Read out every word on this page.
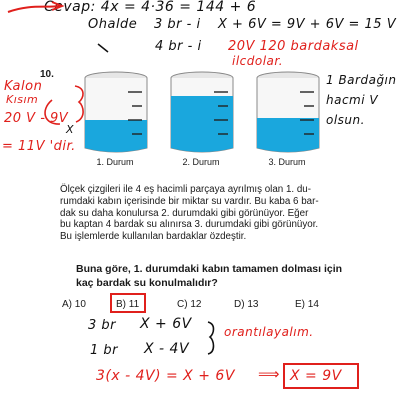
Cevap: 4x = 4·36 = 144 + 6
Ohalde 3 br - i X + 6V = 9V + 6V = 15 V
4 br - i 20V 120 bardaksal
ilcdolar.
10.
Kalon
Kısım
20 V - 9V
X
= 11V 'dir.
1. Durum	2. Durum	3. Durum
1 Bardağın
hacmi V
olsun.
Ölçek çizgileri ile 4 eş hacimli parçaya ayrılmış olan 1. du-
rumdaki kabın içerisinde bir miktar su vardır. Bu kaba 6 bar-
dak su daha konulursa 2. durumdaki gibi görünüyor. Eğer
bu kaptan 4 bardak su alınırsa 3. durumdaki gibi görünüyor.
Bu işlemlerde kullanılan bardaklar özdeştir.
Buna göre, 1. durumdaki kabın tamamen dolması için
kaç bardak su konulmalıdır?
A) 10	B) 11	C) 12	D) 13	E) 14
3 br X + 6V
1 br X - 4V
orantılayalım.
3(x - 4V) = X + 6V ⟹ X = 9V
